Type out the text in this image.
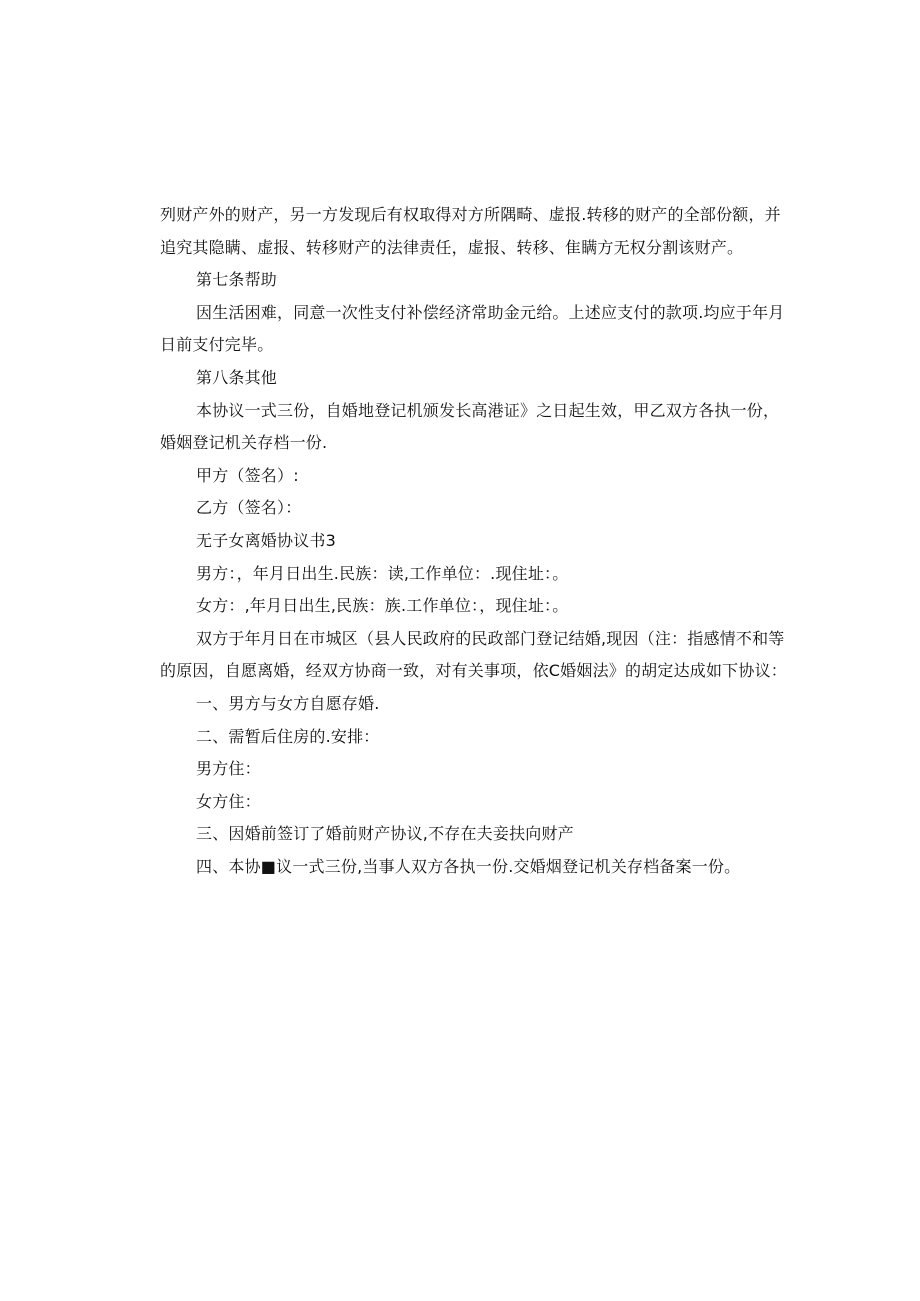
列财产外的财产，另一方发现后有权取得对方所隅畸、虚报.转移的财产的全部份额，并
追究其隐瞒、虚报、转移财产的法律责任，虚报、转移、隹瞒方无权分割该财产。
第七条帮助
因生活困难，同意一次性支付补偿经济常助金元给。上述应支付的款项.均应于年月
日前支付完毕。
第八条其他
本协议一式三份，自婚地登记机颁发长高港证》之日起生效，甲乙双方各执一份，
婚姻登记机关存档一份.
甲方（签名）:
乙方（签名）：
无子女离婚协议书3
男方：，年月日出生.民族：读,工作单位：.现住址：。
女方：,年月日出生,民族：族.工作单位：，现住址：。
双方于年月日在市城区（县人民政府的民政部门登记结婚,现因（注：指感情不和等
的原因，自愿离婚，经双方协商一致，对有关事项，依C婚姻法》的胡定达成如下协议：
一、男方与女方自愿存婚.
二、需暂后住房的.安排：
男方住：
女方住：
三、因婚前签订了婚前财产协议,不存在夫妾扶向财产
四、本协■议一式三份,当事人双方各执一份.交婚烟登记机关存档备案一份。
